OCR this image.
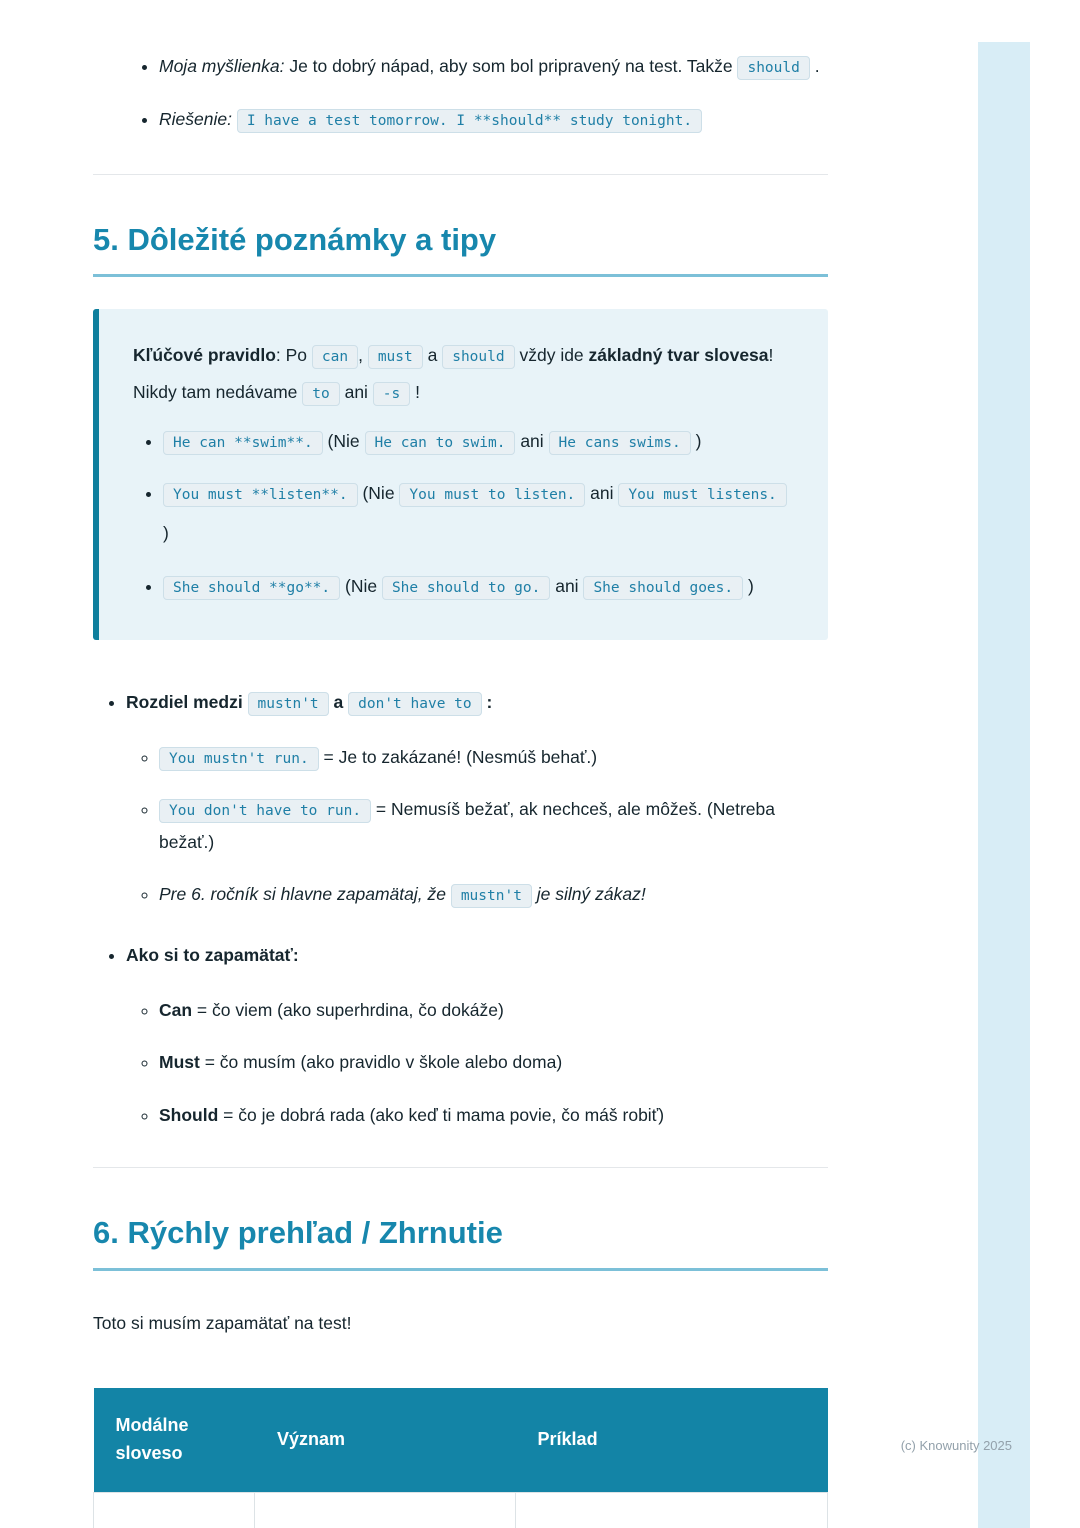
• Moja myšlienka: Je to dobrý nápad, aby som bol pripravený na test. Takže should .
• Riešenie: I have a test tomorrow. I **should** study tonight.
5. Dôležité poznámky a tipy

Kľúčové pravidlo: Po can , must a should vždy ide základný tvar slovesa! Nikdy tam nedávame to ani -s !

• He can **swim**. (Nie He can to swim. ani He cans swims. )
• You must **listen**. (Nie You must to listen. ani You must listens. )
• She should **go**. (Nie She should to go. ani She should goes. )
• Rozdiel medzi mustn't a don't have to :
◦ You mustn't run. = Je to zakázané! (Nesmúš behať.)
◦ You don't have to run. = Nemusíš bežať, ak nechceš, ale môžeš. (Netreba bežať.)
◦ Pre 6. ročník si hlavne zapamätaj, že mustn't je silný zákaz!
• Ako si to zapamätať:
◦ Can = čo viem (ako superhrdina, čo dokáže)
◦ Must = čo musím (ako pravidlo v škole alebo doma)
◦ Should = čo je dobrá rada (ako keď ti mama povie, čo máš robiť)
6. Rýchly prehľad / Zhrnutie

Toto si musím zapamätať na test!

Modálne sloveso	Význam	Príklad
			(c) Knowunity 2025
